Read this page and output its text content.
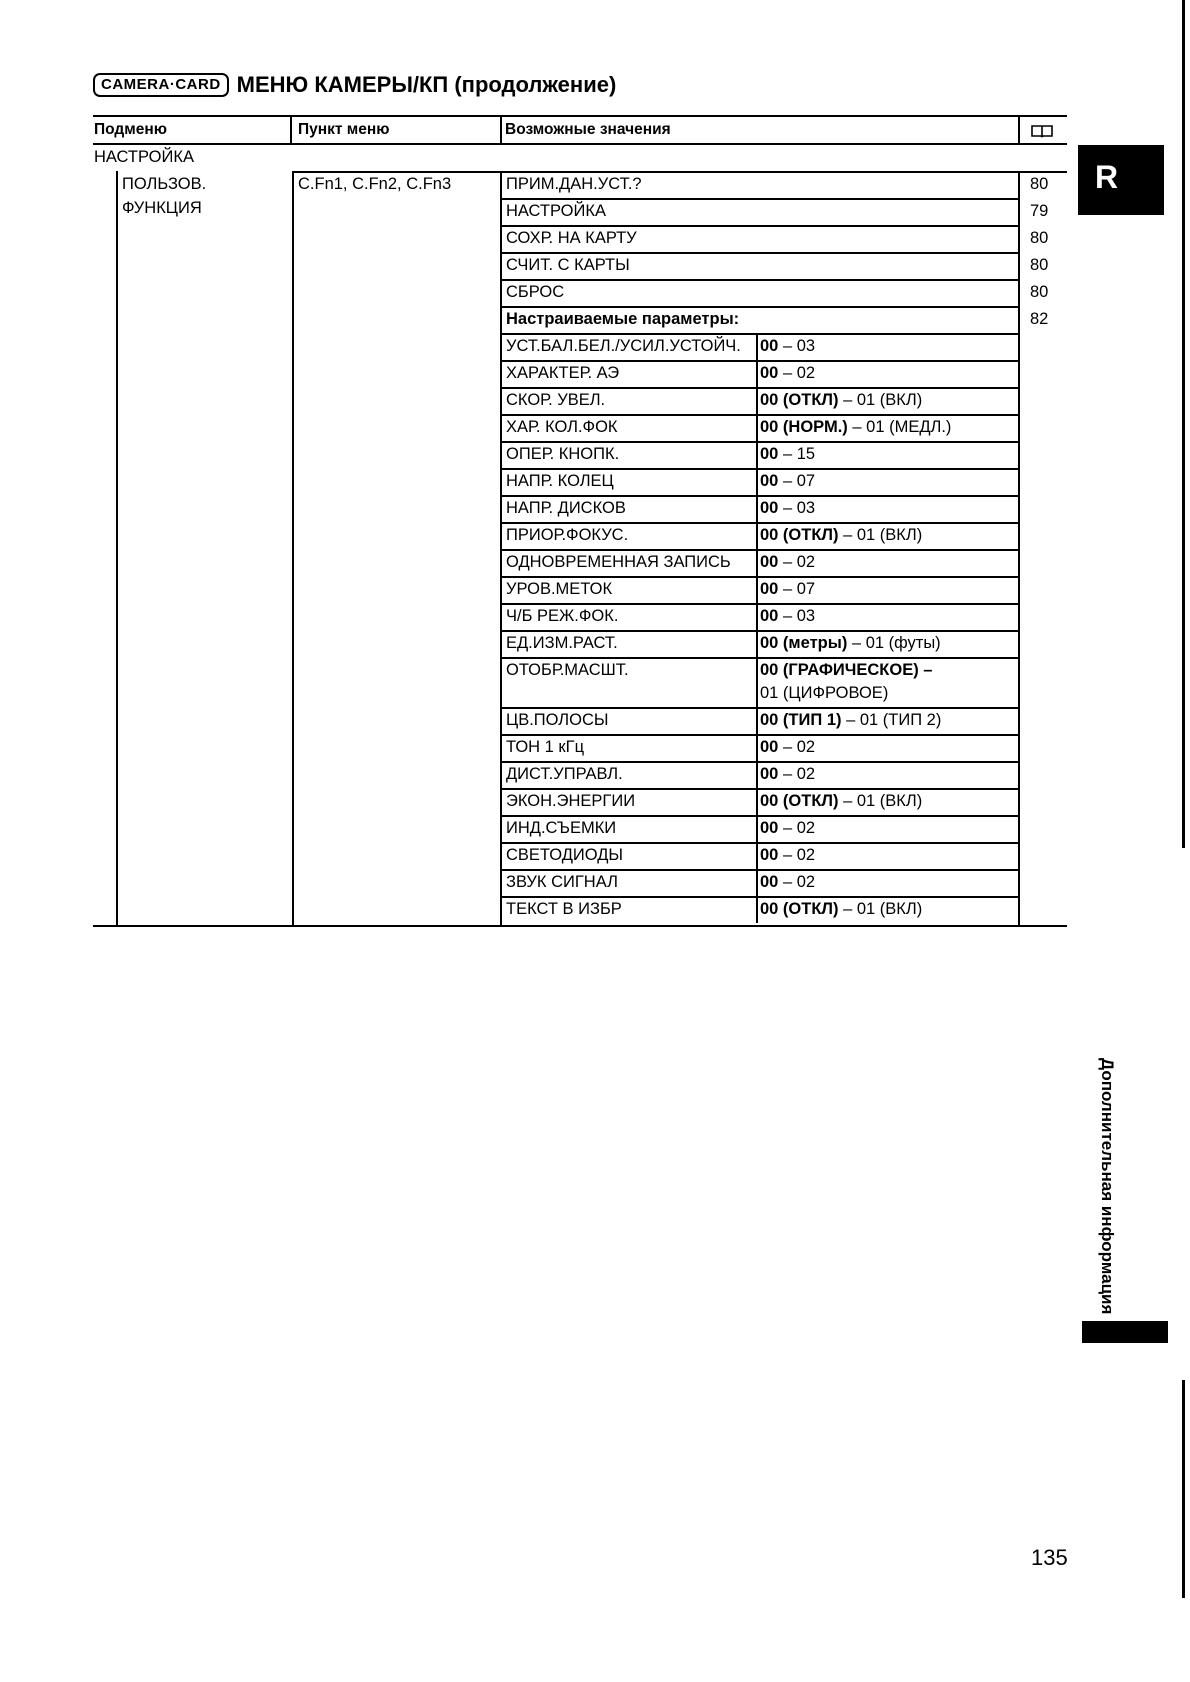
CAMERA·CARD МЕНЮ КАМЕРЫ/КП (продолжение)
Подменю	Пункт меню	Возможные значения
НАСТРОЙКА
ПОЛЬЗОВ.
ФУНКЦИЯ
C.Fn1, C.Fn2, C.Fn3	ПРИМ.ДАН.УСТ.?	80
НАСТРОЙКА	79
СОХР. НА КАРТУ	80
СЧИТ. С КАРТЫ	80
СБРОС	80
Настраиваемые параметры:	82
УСТ.БАЛ.БЕЛ./УСИЛ.УСТОЙЧ. 00 – 03
ХАРАКТЕР. АЭ	00 – 02
СКОР. УВЕЛ.	00 (ОТКЛ) – 01 (ВКЛ)
ХАР. КОЛ.ФОК	00 (НОРМ.) – 01 (МЕДЛ.)
ОПЕР. КНОПК.	00 – 15
НАПР. КОЛЕЦ	00 – 07
НАПР. ДИСКОВ	00 – 03
ПРИОР.ФОКУС.	00 (ОТКЛ) – 01 (ВКЛ)
ОДНОВРЕМЕННАЯ ЗАПИСЬ 00 – 02
УРОВ.МЕТОК	00 – 07
Ч/Б РЕЖ.ФОК.	00 – 03
ЕД.ИЗМ.РАСТ.	00 (метры) – 01 (футы)
ОТОБР.МАСШТ.	00 (ГРАФИЧЕСКОЕ) –
01 (ЦИФРОВОЕ)
ЦВ.ПОЛОСЫ	00 (ТИП 1) – 01 (ТИП 2)
ТОН 1 кГц	00 – 02
ДИСТ.УПРАВЛ.	00 – 02
ЭКОН.ЭНЕРГИИ	00 (ОТКЛ) – 01 (ВКЛ)
ИНД.СЪЕМКИ	00 – 02
СВЕТОДИОДЫ	00 – 02
ЗВУК СИГНАЛ	00 – 02
ТЕКСТ В ИЗБР	00 (ОТКЛ) – 01 (ВКЛ)
R
Дополнительная информация
135
